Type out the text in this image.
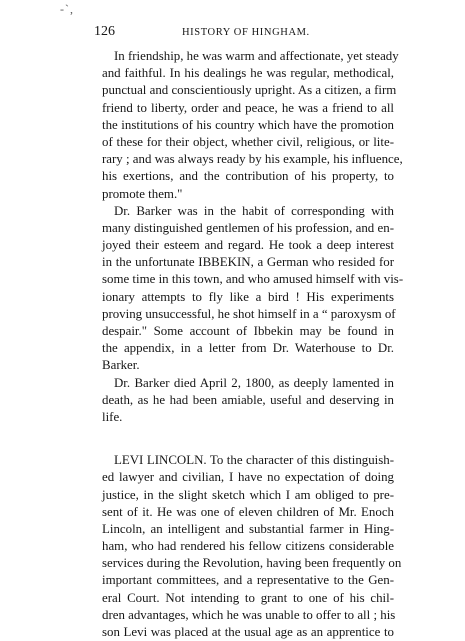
-`,
126	HISTORY OF HINGHAM.
In friendship, he was warm and affectionate, yet steady
and faithful. In his dealings he was regular, methodical,
punctual and conscientiously upright. As a citizen, a firm
friend to liberty, order and peace, he was a friend to all
the institutions of his country which have the promotion
of these for their object, whether civil, religious, or lite-
rary ; and was always ready by his example, his influence,
his exertions, and the contribution of his property, to
promote them."
Dr. Barker was in the habit of corresponding with
many distinguished gentlemen of his profession, and en-
joyed their esteem and regard. He took a deep interest
in the unfortunate IBBEKIN, a German who resided for
some time in this town, and who amused himself with vis-
ionary attempts to fly like a bird ! His experiments
proving unsuccessful, he shot himself in a “ paroxysm of
despair." Some account of Ibbekin may be found in
the appendix, in a letter from Dr. Waterhouse to Dr.
Barker.
Dr. Barker died April 2, 1800, as deeply lamented in
death, as he had been amiable, useful and deserving in
life.
LEVI LINCOLN. To the character of this distinguish-
ed lawyer and civilian, I have no expectation of doing
justice, in the slight sketch which I am obliged to pre-
sent of it. He was one of eleven children of Mr. Enoch
Lincoln, an intelligent and substantial farmer in Hing-
ham, who had rendered his fellow citizens considerable
services during the Revolution, having been frequently on
important committees, and a representative to the Gen-
eral Court. Not intending to grant to one of his chil-
dren advantages, which he was unable to offer to all ; his
son Levi was placed at the usual age as an apprentice to
